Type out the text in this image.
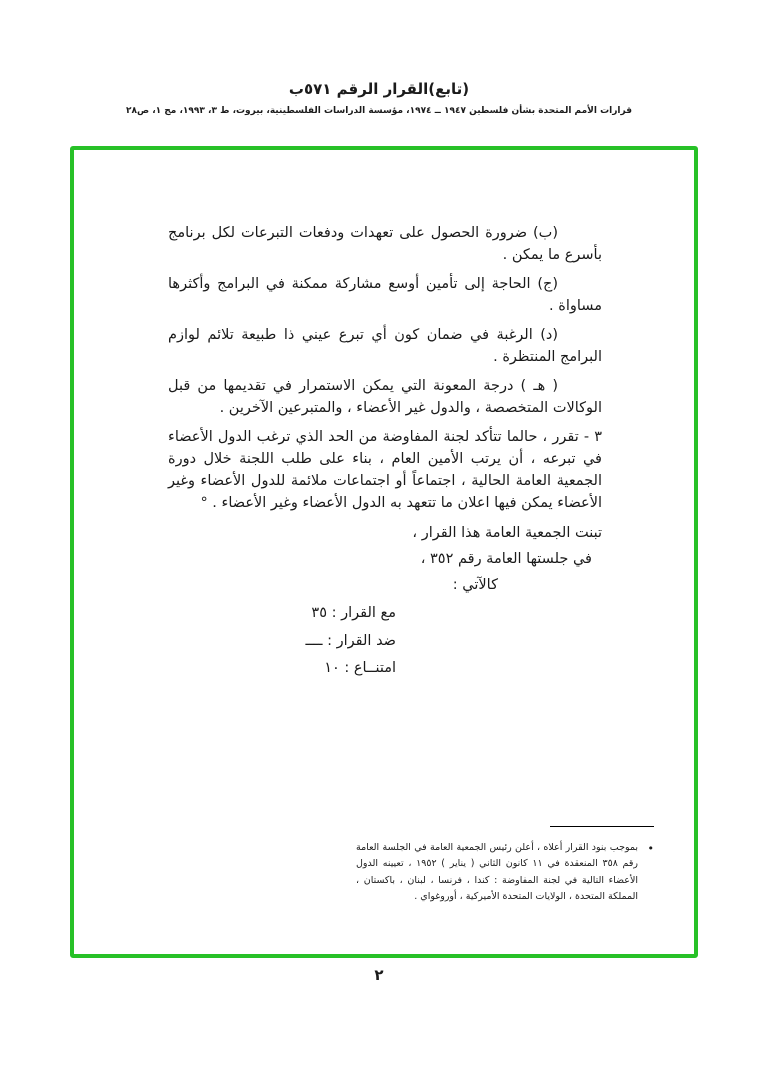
(تابع)القرار الرقم ٥٧١ب
قرارات الأمم المتحدة بشأن فلسطين ١٩٤٧ ــ ١٩٧٤، مؤسسة الدراسات الفلسطينية، بيروت، ط ٣، ١٩٩٣، مج ١، ص٢٨

(ب) ضرورة الحصول على تعهدات ودفعات التبرعات لكل برنامج بأسرع ما يمكن .

(ج) الحاجة إلى تأمين أوسع مشاركة ممكنة في البرامج وأكثرها مساواة .

(د) الرغبة في ضمان كون أي تبرع عيني ذا طبيعة تلائم لوازم البرامج المنتظرة .

( هـ ) درجة المعونة التي يمكن الاستمرار في تقديمها من قبل الوكالات المتخصصة ، والدول غير الأعضاء ، والمتبرعين الآخرين .

٣ - تقرر ، حالما تتأكد لجنة المفاوضة من الحد الذي ترغب الدول الأعضاء في تبرعه ، أن يرتب الأمين العام ، بناء على طلب اللجنة خلال دورة الجمعية العامة الحالية ، اجتماعاً أو اجتماعات ملائمة للدول الأعضاء وغير الأعضاء يمكن فيها اعلان ما تتعهد به الدول الأعضاء وغير الأعضاء . °

تبنت الجمعية العامة هذا القرار ،
في جلستها العامة رقم ٣٥٢ ،
كالآتي :
مع القرار : ٣٥
ضد القرار : ــــ
امتنــاع : ١٠
•
بموجب بنود القرار أعلاه ، أعلن رئيس الجمعية العامة في الجلسة العامة رقم ٣٥٨ المنعقدة في ١١ كانون الثاني ( يناير ) ١٩٥٢ ، تعيينه الدول الأعضاء التالية في لجنة المفاوضة : كندا ، فرنسا ، لبنان ، باكستان ، المملكة المتحدة ، الولايات المتحدة الأميركية ، أوروغواي .
٢
